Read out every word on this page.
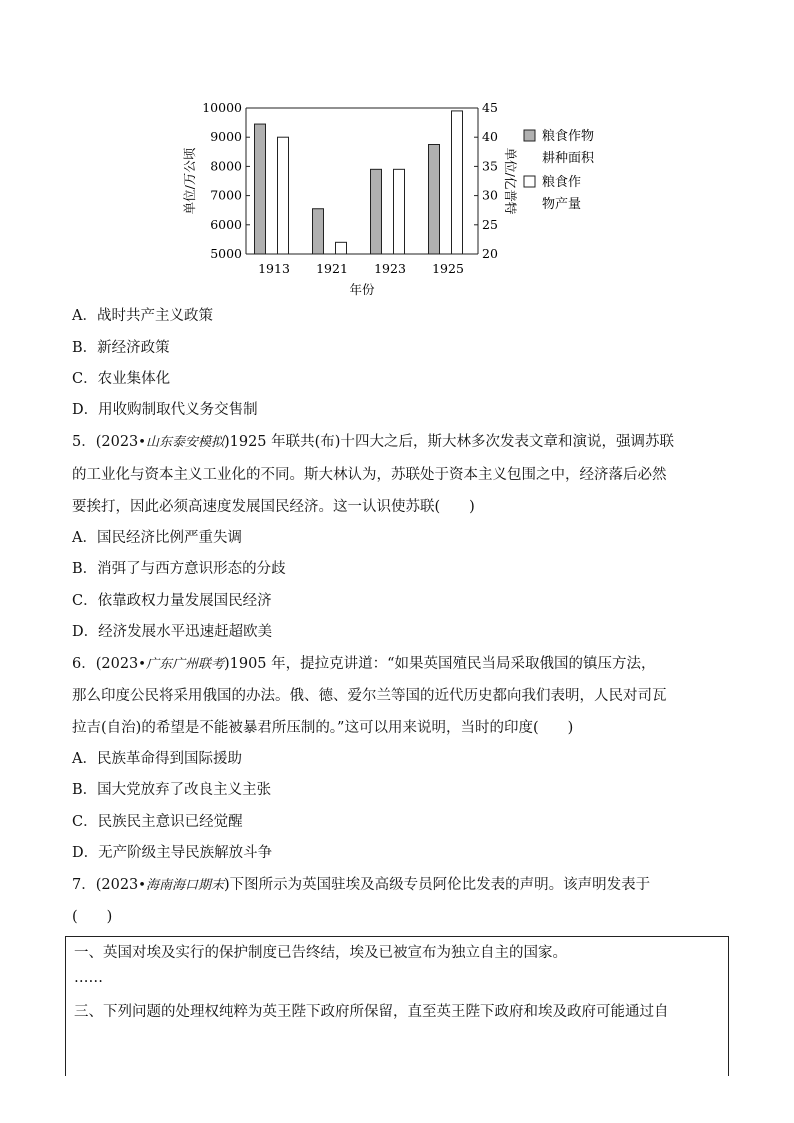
10000
9000
8000
7000
6000
5000
45
40
35
30
25
20
单位/万公顷	单位/亿普特
1913 1921 1923 1925
年份
粮食作物
耕种面积
粮食作
物产量
A．战时共产主义政策
B．新经济政策
C．农业集体化
D．用收购制取代义务交售制
5．(2023•山东泰安模拟)1925 年联共(布)十四大之后，斯大林多次发表文章和演说，强调苏联
的工业化与资本主义工业化的不同。斯大林认为，苏联处于资本主义包围之中，经济落后必然
要挨打，因此必须高速度发展国民经济。这一认识使苏联(　　)
A．国民经济比例严重失调
B．消弭了与西方意识形态的分歧
C．依靠政权力量发展国民经济
D．经济发展水平迅速赶超欧美
6．(2023•广东广州联考)1905 年，提拉克讲道：“如果英国殖民当局采取俄国的镇压方法，
那么印度公民将采用俄国的办法。俄、德、爱尔兰等国的近代历史都向我们表明，人民对司瓦
拉吉(自治)的希望是不能被暴君所压制的。”这可以用来说明，当时的印度(　　)
A．民族革命得到国际援助
B．国大党放弃了改良主义主张
C．民族民主意识已经觉醒
D．无产阶级主导民族解放斗争
7．(2023•海南海口期末)下图所示为英国驻埃及高级专员阿伦比发表的声明。该声明发表于
(　　)
一、英国对埃及实行的保护制度已告终结，埃及已被宣布为独立自主的国家。
……
三、下列问题的处理权纯粹为英王陛下政府所保留，直至英王陛下政府和埃及政府可能通过自
